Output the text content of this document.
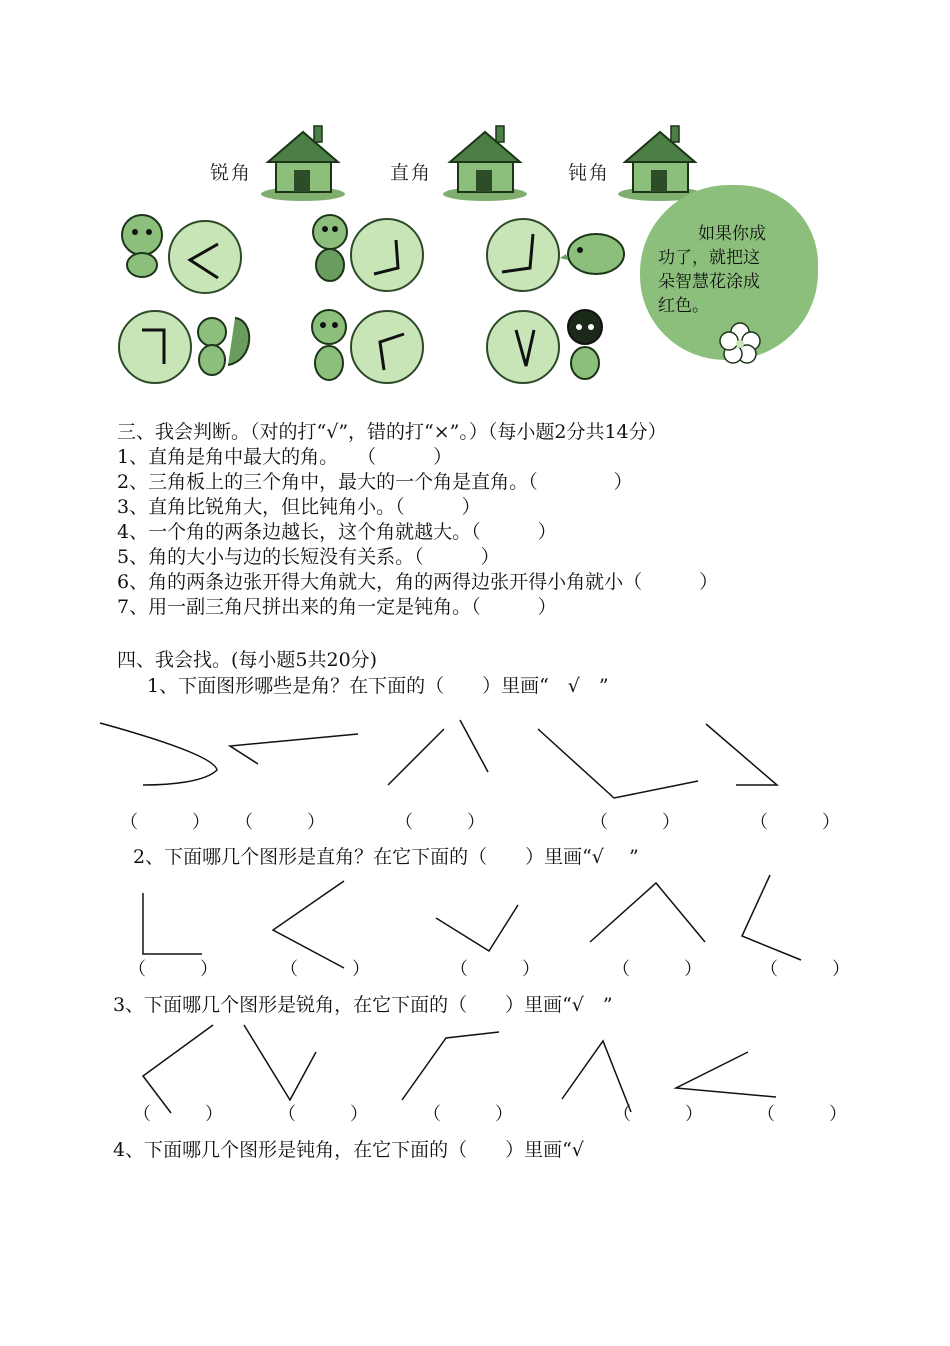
锐角	直角	钝角
如果你成
功了，就把这
朵智慧花涂成
红色。
三、我会判断。（对的打“√”，错的打“×”。）（每小题2分共14分）
1、直角是角中最大的角。　　（　　　）
2、三角板上的三个角中，最大的一个角是直角。（　　　　）
3、直角比锐角大，但比钝角小。（　　　）
4、一个角的两条边越长，这个角就越大。（　　　）
5、角的大小与边的长短没有关系。（　　　）
6、角的两条边张开得大角就大，角的两得边张开得小角就小（　　　）
7、用一副三角尺拼出来的角一定是钝角。（　　　）
四、我会找。(每小题5共20分)
1、下面图形哪些是角？在下面的（　　）里画“　√　”
（　　　） （　　　）	（　　　）	（　　　）	（　　　）
2、下面哪几个图形是直角？在它下面的（　　）里画“√　 ”
（　　　）	（　　　）	（　　　）	（　　　）	（　　　）
3、下面哪几个图形是锐角，在它下面的（　　）里画“√　”
（　　　）	（　　　）	（　　　）	（　　　）	（　　　）
4、下面哪几个图形是钝角，在它下面的（　　）里画“√
